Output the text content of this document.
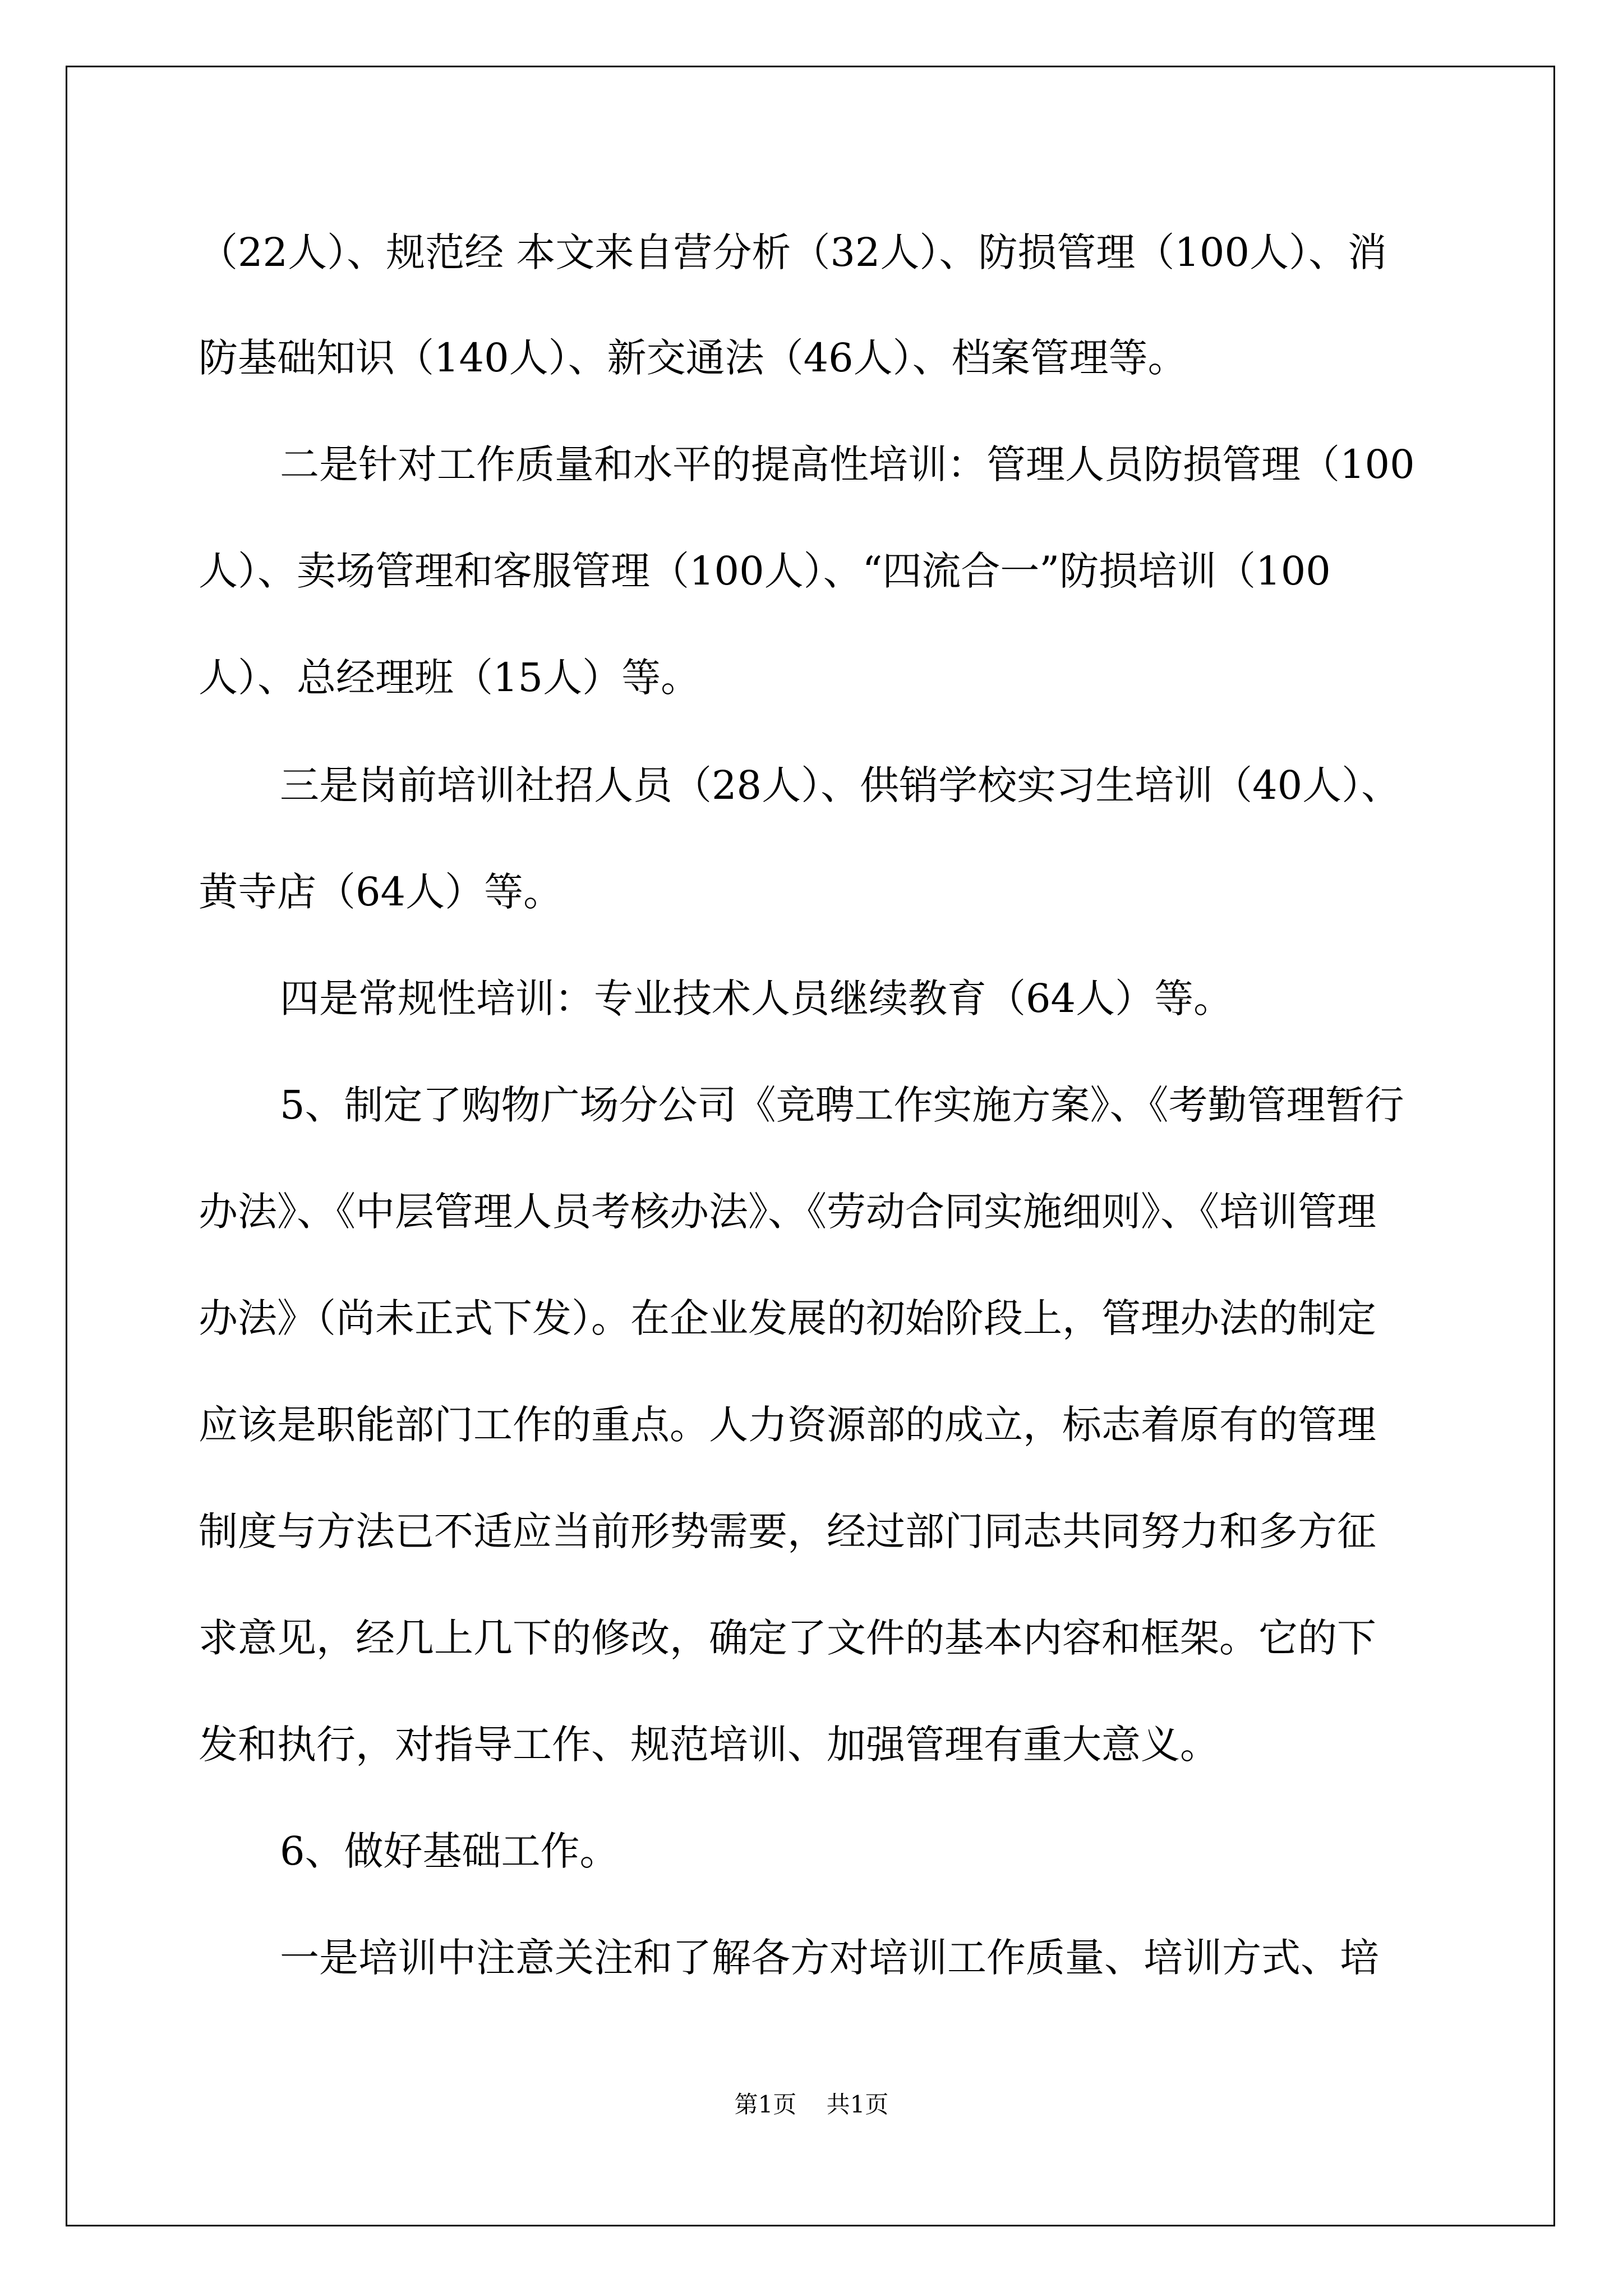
（22人）、规范经 本文来自营分析（32人）、防损管理（100人）、消

防基础知识（140人）、新交通法（46人）、档案管理等。

二是针对工作质量和水平的提高性培训：管理人员防损管理（100

人）、卖场管理和客服管理（100人）、“四流合一”防损培训（100

人）、总经理班（15人）等。

三是岗前培训社招人员（28人）、供销学校实习生培训（40人）、

黄寺店（64人）等。

四是常规性培训：专业技术人员继续教育（64人）等。

5、制定了购物广场分公司《竞聘工作实施方案》、《考勤管理暂行

办法》、《中层管理人员考核办法》、《劳动合同实施细则》、《培训管理

办法》（尚未正式下发）。在企业发展的初始阶段上，管理办法的制定

应该是职能部门工作的重点。人力资源部的成立，标志着原有的管理

制度与方法已不适应当前形势需要，经过部门同志共同努力和多方征

求意见，经几上几下的修改，确定了文件的基本内容和框架。它的下

发和执行，对指导工作、规范培训、加强管理有重大意义。

6、做好基础工作。

一是培训中注意关注和了解各方对培训工作质量、培训方式、培

第1页    共1页
